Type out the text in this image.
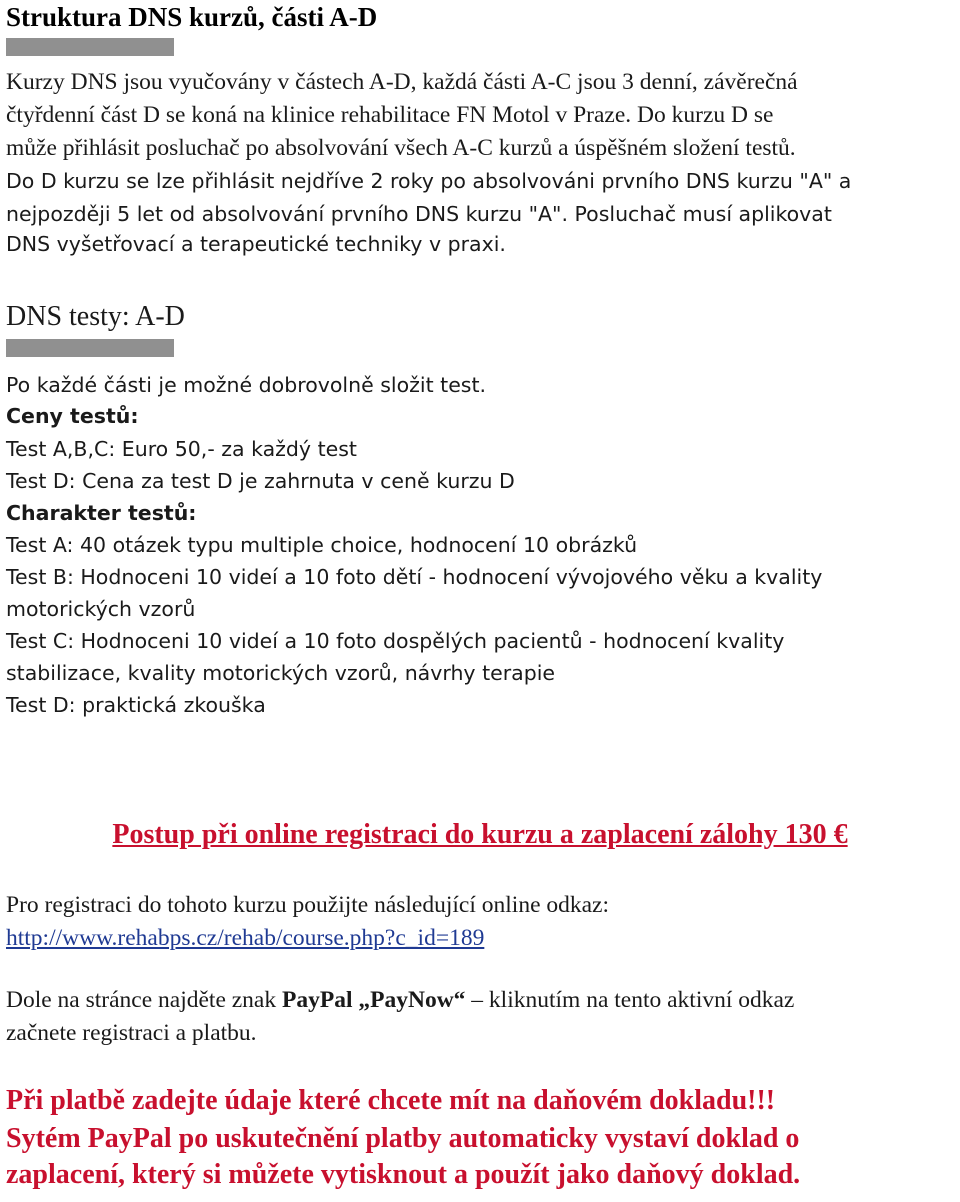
Struktura DNS kurzů, části A-D
Kurzy DNS jsou vyučovány v částech A-D, každá části A-C jsou 3 denní, závěrečná
čtyřdenní část D se koná na klinice rehabilitace FN Motol v Praze. Do kurzu D se
může přihlásit posluchač po absolvování všech A-C kurzů a úspěšném složení testů.
Do D kurzu se lze přihlásit nejdříve 2 roky po absolvováni prvního DNS kurzu "A" a
nejpozději 5 let od absolvování prvního DNS kurzu "A". Posluchač musí aplikovat
DNS vyšetřovací a terapeutické techniky v praxi.
DNS testy: A-D
Po každé části je možné dobrovolně složit test.
Ceny testů:
Test A,B,C: Euro 50,- za každý test
Test D: Cena za test D je zahrnuta v ceně kurzu D
Charakter testů:
Test A: 40 otázek typu multiple choice, hodnocení 10 obrázků
Test B: Hodnoceni 10 videí a 10 foto dětí - hodnocení vývojového věku a kvality
motorických vzorů
Test C: Hodnoceni 10 videí a 10 foto dospělých pacientů - hodnocení kvality
stabilizace, kvality motorických vzorů, návrhy terapie
Test D: praktická zkouška
Postup při online registraci do kurzu a zaplacení zálohy 130 €
Pro registraci do tohoto kurzu použijte následující online odkaz:
http://www.rehabps.cz/rehab/course.php?c_id=189
Dole na stránce najděte znak PayPal „PayNow“ – kliknutím na tento aktivní odkaz
začnete registraci a platbu.
Při platbě zadejte údaje které chcete mít na daňovém dokladu!!!
Sytém PayPal po uskutečnění platby automaticky vystaví doklad o
zaplacení, který si můžete vytisknout a použít jako daňový doklad.
